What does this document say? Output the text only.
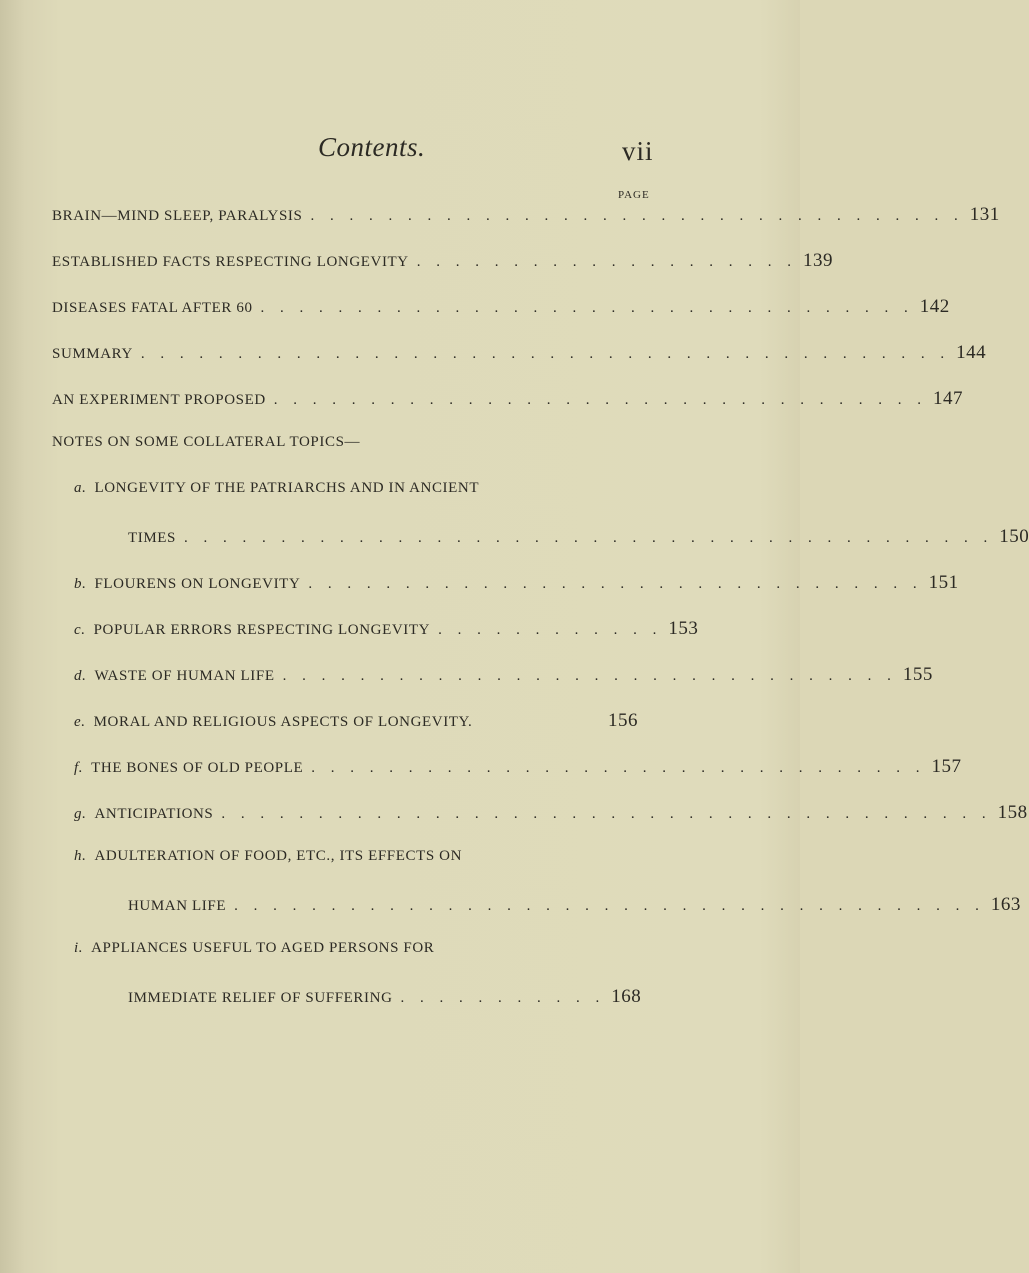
Contents.	vii
PAGE
BRAIN—MIND SLEEP, PARALYSIS . . . . . . . . . . . . . . . . . . . . . . . . . . . . . . . . . . 131
ESTABLISHED FACTS RESPECTING LONGEVITY . . . . . . . . . . . . . . . . . . . . 139
DISEASES FATAL AFTER 60 . . . . . . . . . . . . . . . . . . . . . . . . . . . . . . . . . . 142
SUMMARY . . . . . . . . . . . . . . . . . . . . . . . . . . . . . . . . . . . . . . . . . . 144
AN EXPERIMENT PROPOSED . . . . . . . . . . . . . . . . . . . . . . . . . . . . . . . . . . 147
NOTES ON SOME COLLATERAL TOPICS—
a. LONGEVITY OF THE PATRIARCHS AND IN ANCIENT
TIMES . . . . . . . . . . . . . . . . . . . . . . . . . . . . . . . . . . . . . . . . . . 150
b. FLOURENS ON LONGEVITY . . . . . . . . . . . . . . . . . . . . . . . . . . . . . . . . 151
c. POPULAR ERRORS RESPECTING LONGEVITY . . . . . . . . . . . . 153
d. WASTE OF HUMAN LIFE . . . . . . . . . . . . . . . . . . . . . . . . . . . . . . . . 155
e. MORAL AND RELIGIOUS ASPECTS OF LONGEVITY.	156
f. THE BONES OF OLD PEOPLE . . . . . . . . . . . . . . . . . . . . . . . . . . . . . . . . 157
g. ANTICIPATIONS . . . . . . . . . . . . . . . . . . . . . . . . . . . . . . . . . . . . . . . . 158
h. ADULTERATION OF FOOD, ETC., ITS EFFECTS ON
HUMAN LIFE . . . . . . . . . . . . . . . . . . . . . . . . . . . . . . . . . . . . . . . 163
i. APPLIANCES USEFUL TO AGED PERSONS FOR
IMMEDIATE RELIEF OF SUFFERING . . . . . . . . . . . 168
